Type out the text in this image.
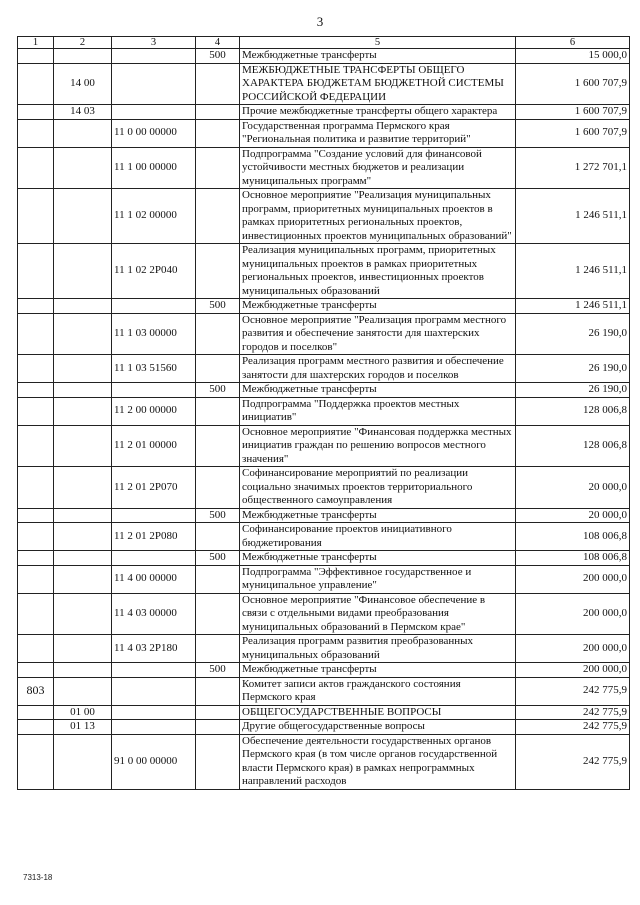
3
1	2	3	4	5	6
			500	Межбюджетные трансферты	15 000,0
	14 00			МЕЖБЮДЖЕТНЫЕ ТРАНСФЕРТЫ ОБЩЕГО ХАРАКТЕРА БЮДЖЕТАМ БЮДЖЕТНОЙ СИСТЕМЫ РОССИЙСКОЙ ФЕДЕРАЦИИ	1 600 707,9
	14 03			Прочие межбюджетные трансферты общего характера	1 600 707,9
		11 0 00 00000		Государственная программа Пермского края "Региональная политика и развитие территорий"	1 600 707,9
		11 1 00 00000		Подпрограмма "Создание условий для финансовой устойчивости местных бюджетов и реализации муниципальных программ"	1 272 701,1
		11 1 02 00000		Основное мероприятие "Реализация муниципальных программ, приоритетных муниципальных проектов в рамках приоритетных региональных проектов, инвестиционных проектов муниципальных образований"	1 246 511,1
		11 1 02 2P040		Реализация муниципальных программ, приоритетных муниципальных проектов в рамках приоритетных региональных проектов, инвестиционных проектов муниципальных образований	1 246 511,1
			500	Межбюджетные трансферты	1 246 511,1
		11 1 03 00000		Основное мероприятие "Реализация программ местного развития и обеспечение занятости для шахтерских городов и поселков"	26 190,0
		11 1 03 51560		Реализация программ местного развития и обеспечение занятости для шахтерских городов и поселков	26 190,0
			500	Межбюджетные трансферты	26 190,0
		11 2 00 00000		Подпрограмма "Поддержка проектов местных инициатив"	128 006,8
		11 2 01 00000		Основное мероприятие "Финансовая поддержка местных инициатив граждан по решению вопросов местного значения"	128 006,8
		11 2 01 2P070		Софинансирование мероприятий по реализации социально значимых проектов территориального общественного самоуправления	20 000,0
			500	Межбюджетные трансферты	20 000,0
		11 2 01 2P080		Софинансирование проектов инициативного бюджетирования	108 006,8
			500	Межбюджетные трансферты	108 006,8
		11 4 00 00000		Подпрограмма "Эффективное государственное и муниципальное управление"	200 000,0
		11 4 03 00000		Основное мероприятие "Финансовое обеспечение в связи с отдельными видами преобразования муниципальных образований в Пермском крае"	200 000,0
		11 4 03 2P180		Реализация программ развития преобразованных муниципальных образований	200 000,0
			500	Межбюджетные трансферты	200 000,0
803				Комитет записи актов гражданского состояния Пермского края	242 775,9
	01 00			ОБЩЕГОСУДАРСТВЕННЫЕ ВОПРОСЫ	242 775,9
	01 13			Другие общегосударственные вопросы	242 775,9
		91 0 00 00000		Обеспечение деятельности государственных органов Пермского края (в том числе органов государственной власти Пермского края) в рамках непрограммных направлений расходов	242 775,9
7313-18
